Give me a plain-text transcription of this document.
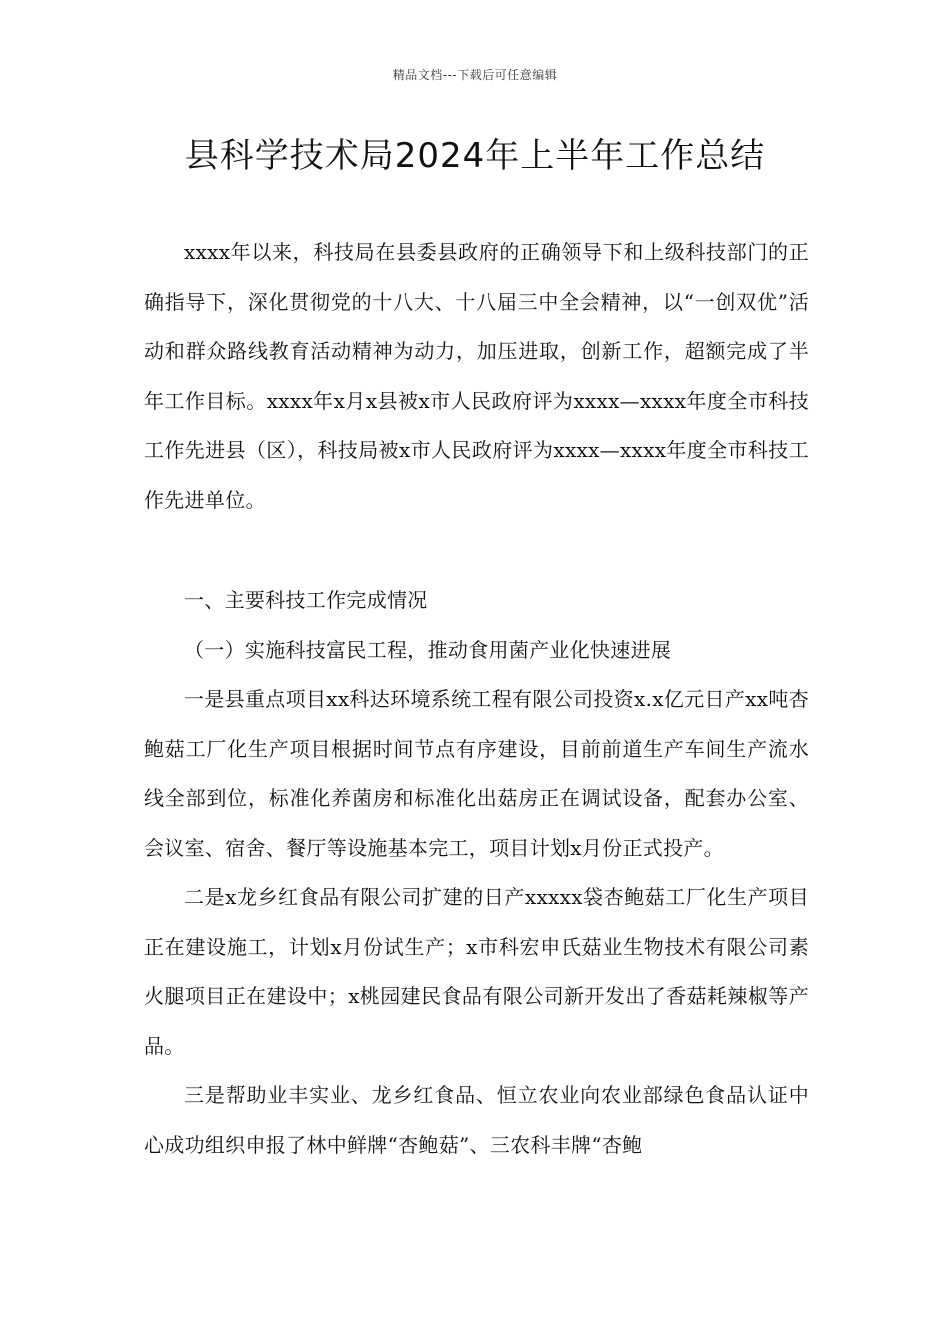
精品文档---下载后可任意编辑
县科学技术局2024年上半年工作总结

xxxx年以来，科技局在县委县政府的正确领导下和上级科技部门的正确指导下，深化贯彻党的十八大、十八届三中全会精神，以“一创双优”活动和群众路线教育活动精神为动力，加压进取，创新工作，超额完成了半年工作目标。xxxx年x月x县被x市人民政府评为xxxx—xxxx年度全市科技工作先进县（区），科技局被x市人民政府评为xxxx—xxxx年度全市科技工作先进单位。

一、主要科技工作完成情况

（一）实施科技富民工程，推动食用菌产业化快速进展

一是县重点项目xx科达环境系统工程有限公司投资x.x亿元日产xx吨杏鲍菇工厂化生产项目根据时间节点有序建设，目前前道生产车间生产流水线全部到位，标准化养菌房和标准化出菇房正在调试设备，配套办公室、会议室、宿舍、餐厅等设施基本完工，项目计划x月份正式投产。

二是x龙乡红食品有限公司扩建的日产xxxxx袋杏鲍菇工厂化生产项目正在建设施工，计划x月份试生产；x市科宏申氏菇业生物技术有限公司素火腿项目正在建设中；x桃园建民食品有限公司新开发出了香菇耗辣椒等产品。

三是帮助业丰实业、龙乡红食品、恒立农业向农业部绿色食品认证中心成功组织申报了林中鲜牌“杏鲍菇”、三农科丰牌“杏鲍
